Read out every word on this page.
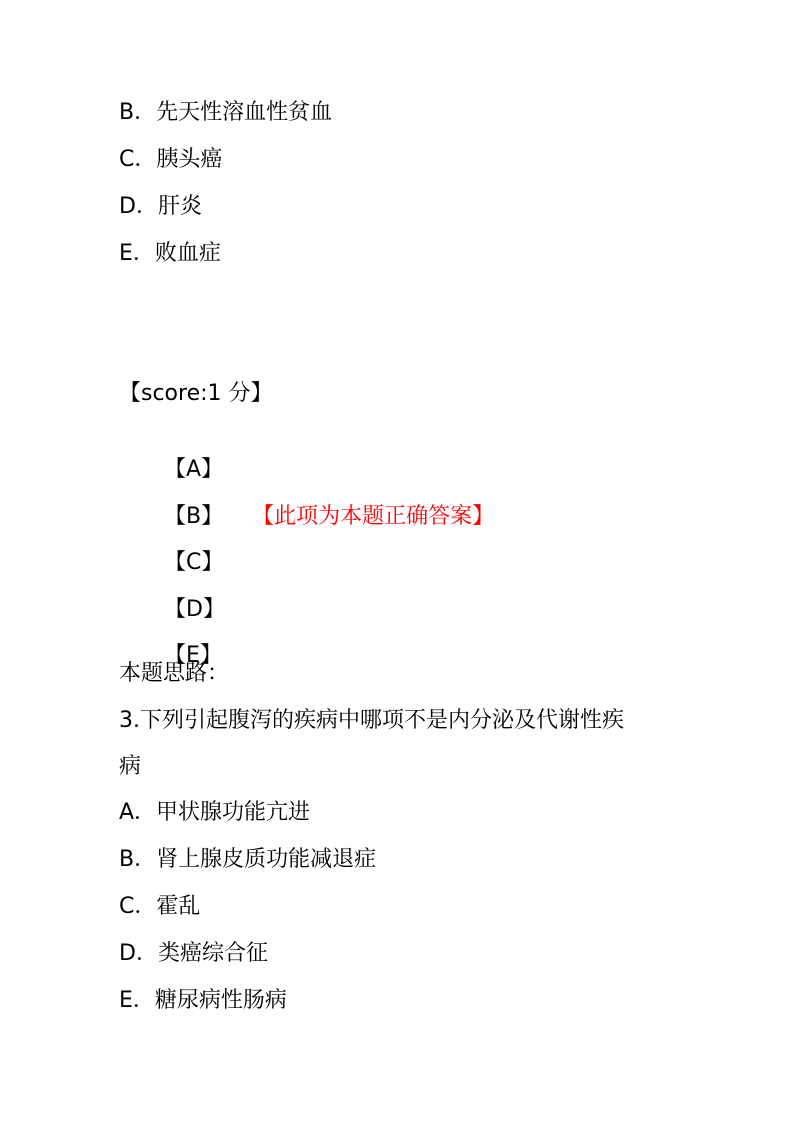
B．先天性溶血性贫血
C．胰头癌
D．肝炎
E．败血症
【score:1 分】

【A】

【B】 【此项为本题正确答案】

【C】

【D】

【E】

本题思路：
3.下列引起腹泻的疾病中哪项不是内分泌及代谢性疾
病
A．甲状腺功能亢进
B．肾上腺皮质功能减退症
C．霍乱
D．类癌综合征
E．糖尿病性肠病
